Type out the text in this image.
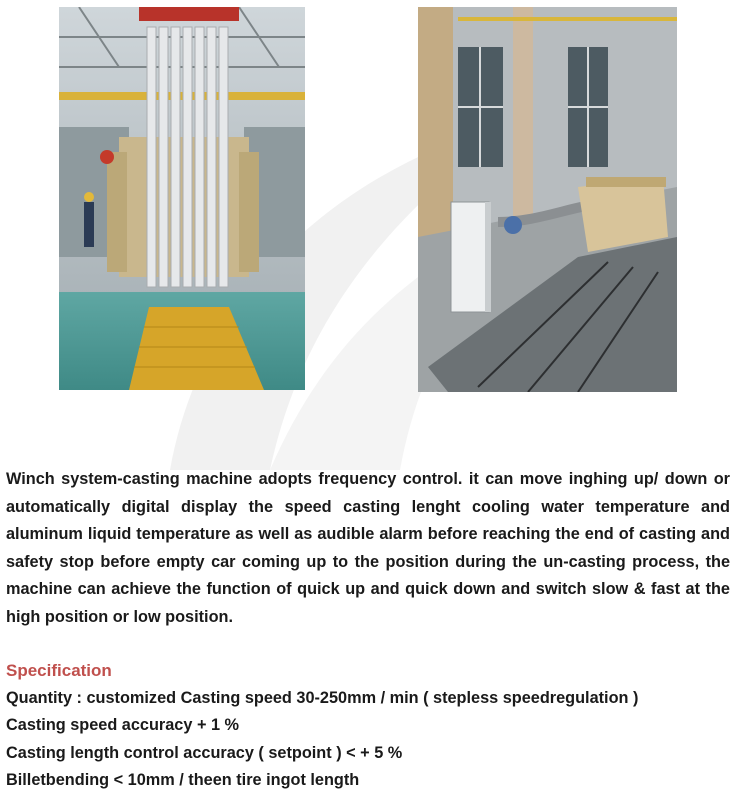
Winch system-casting machine adopts frequency control. it can move inghing up/ down or automatically digital display the speed casting lenght cooling water temperature and aluminum liquid temperature as well as audible alarm before reaching the end of casting and safety stop before empty car coming up to the position during the un-casting process, the machine can achieve the function of quick up and quick down and switch slow & fast at the high position or low position.

Specification
Quantity : customized Casting speed 30-250mm / min ( stepless speedregulation )
Casting speed accuracy + 1 %
Casting length control accuracy ( setpoint ) < + 5 %
Billetbending < 10mm / theen tire ingot length
